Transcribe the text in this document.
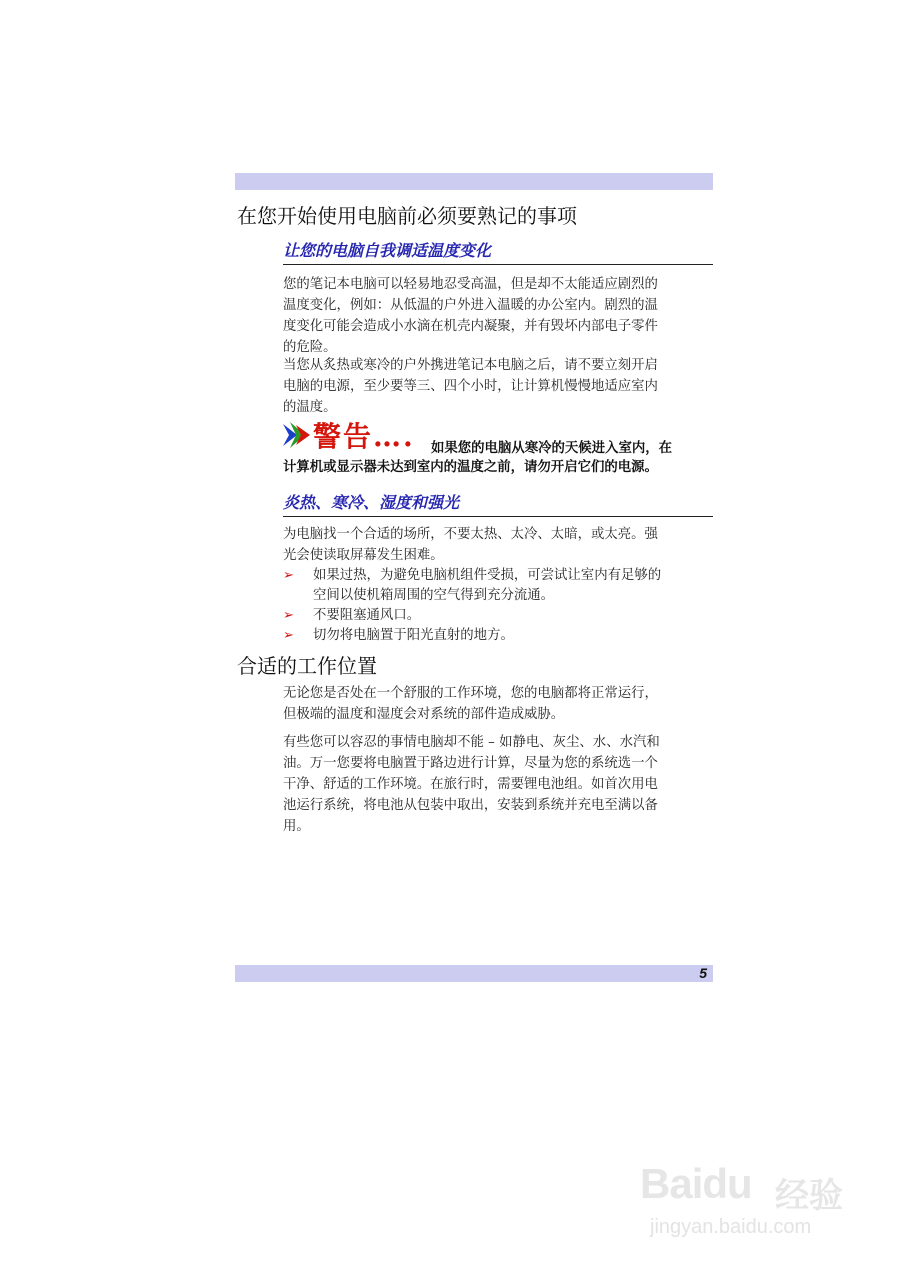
在您开始使用电脑前必须要熟记的事项
让您的电脑自我调适温度变化
您的笔记本电脑可以轻易地忍受高温，但是却不太能适应剧烈的
温度变化，例如：从低温的户外进入温暖的办公室内。剧烈的温
度变化可能会造成小水滴在机壳内凝聚，并有毁坏内部电子零件
的危险。
当您从炙热或寒冷的户外携进笔记本电脑之后，请不要立刻开启
电脑的电源，至少要等三、四个小时，让计算机慢慢地适应室内
的温度。
警告…. 如果您的电脑从寒冷的天候进入室内，在
计算机或显示器未达到室内的温度之前，请勿开启它们的电源。
炎热、寒冷、湿度和强光
为电脑找一个合适的场所，不要太热、太冷、太暗，或太亮。强
光会使读取屏幕发生困难。
➢ 如果过热，为避免电脑机组件受损，可尝试让室内有足够的
空间以使机箱周围的空气得到充分流通。
➢ 不要阻塞通风口。
➢ 切勿将电脑置于阳光直射的地方。
合适的工作位置
无论您是否处在一个舒服的工作环境，您的电脑都将正常运行，
但极端的温度和湿度会对系统的部件造成威胁。
有些您可以容忍的事情电脑却不能 – 如静电、灰尘、水、水汽和
油。万一您要将电脑置于路边进行计算，尽量为您的系统选一个
干净、舒适的工作环境。在旅行时，需要锂电池组。如首次用电
池运行系统，将电池从包装中取出，安装到系统并充电至满以备
用。
5
Baidu 经验
jingyan.baidu.com
